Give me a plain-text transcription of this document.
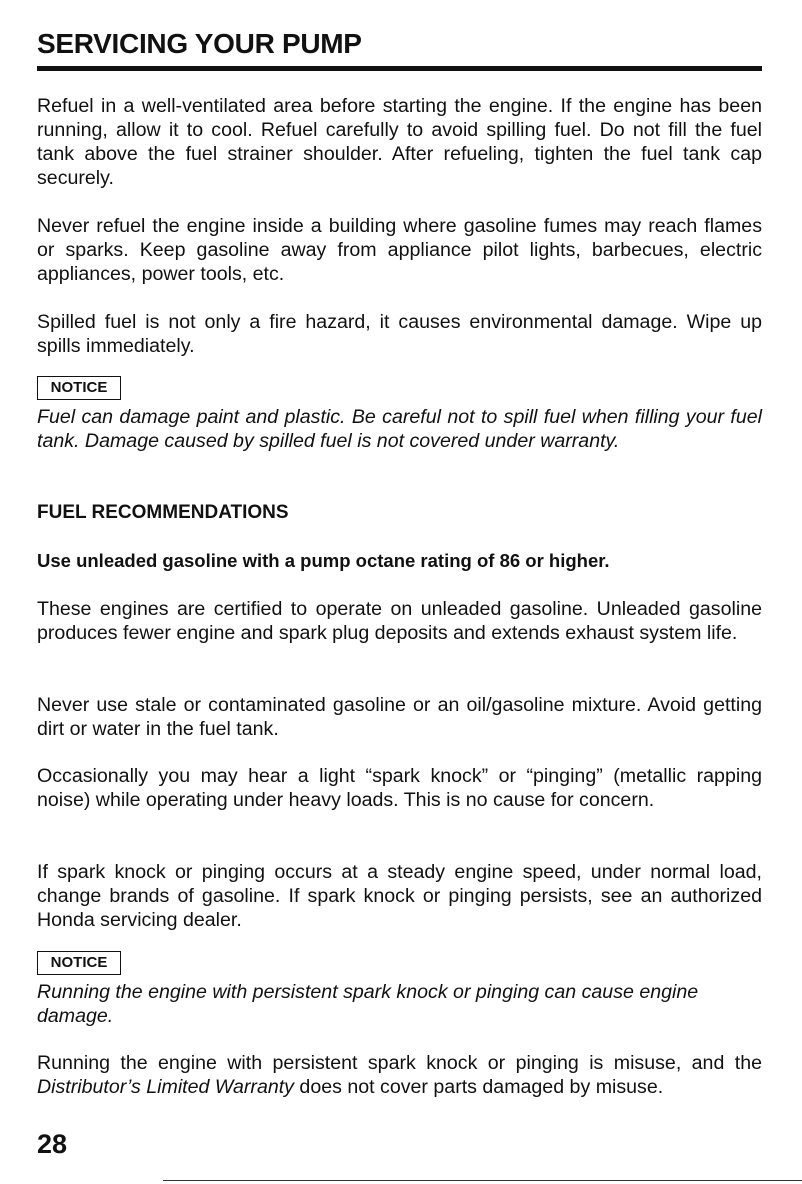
SERVICING YOUR PUMP

Refuel in a well-ventilated area before starting the engine. If the engine has been running, allow it to cool. Refuel carefully to avoid spilling fuel. Do not fill the fuel tank above the fuel strainer shoulder. After refueling, tighten the fuel tank cap securely.

Never refuel the engine inside a building where gasoline fumes may reach flames or sparks. Keep gasoline away from appliance pilot lights, barbecues, electric appliances, power tools, etc.

Spilled fuel is not only a fire hazard, it causes environmental damage. Wipe up spills immediately.

NOTICE

Fuel can damage paint and plastic. Be careful not to spill fuel when filling your fuel tank. Damage caused by spilled fuel is not covered under warranty.

FUEL RECOMMENDATIONS
Use unleaded gasoline with a pump octane rating of 86 or higher.

These engines are certified to operate on unleaded gasoline. Unleaded gasoline produces fewer engine and spark plug deposits and extends exhaust system life.

Never use stale or contaminated gasoline or an oil/gasoline mixture. Avoid getting dirt or water in the fuel tank.

Occasionally you may hear a light “spark knock” or “pinging” (metallic rapping noise) while operating under heavy loads. This is no cause for concern.

If spark knock or pinging occurs at a steady engine speed, under normal load, change brands of gasoline. If spark knock or pinging persists, see an authorized Honda servicing dealer.

NOTICE

Running the engine with persistent spark knock or pinging can cause engine damage.

Running the engine with persistent spark knock or pinging is misuse, and the Distributor’s Limited Warranty does not cover parts damaged by misuse.

28
